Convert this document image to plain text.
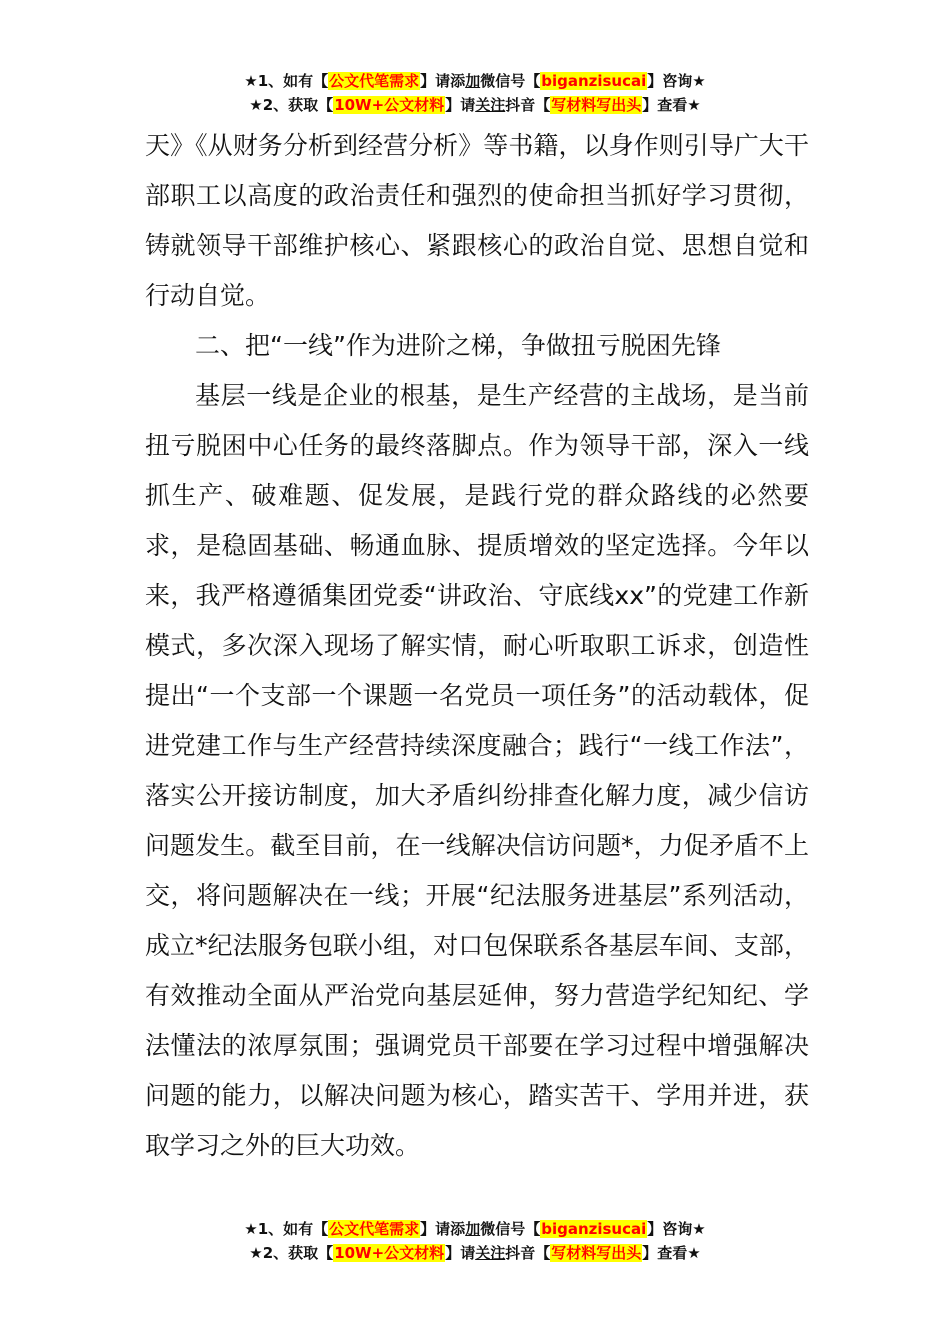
★1、如有【公文代笔需求】请添加微信号【biganzisucai】咨询★
★2、获取【10W+公文材料】请关注抖音【写材料写出头】查看★

天》《从财务分析到经营分析》等书籍，以身作则引导广大干部职工以高度的政治责任和强烈的使命担当抓好学习贯彻，铸就领导干部维护核心、紧跟核心的政治自觉、思想自觉和行动自觉。

二、把“一线”作为进阶之梯，争做扭亏脱困先锋

基层一线是企业的根基，是生产经营的主战场，是当前扭亏脱困中心任务的最终落脚点。作为领导干部，深入一线抓生产、破难题、促发展，是践行党的群众路线的必然要求，是稳固基础、畅通血脉、提质增效的坚定选择。今年以来，我严格遵循集团党委“讲政治、守底线xx”的党建工作新模式，多次深入现场了解实情，耐心听取职工诉求，创造性提出“一个支部一个课题一名党员一项任务”的活动载体，促进党建工作与生产经营持续深度融合；践行“一线工作法”，落实公开接访制度，加大矛盾纠纷排查化解力度，减少信访问题发生。截至目前，在一线解决信访问题*，力促矛盾不上交，将问题解决在一线；开展“纪法服务进基层”系列活动，成立*纪法服务包联小组，对口包保联系各基层车间、支部，有效推动全面从严治党向基层延伸，努力营造学纪知纪、学法懂法的浓厚氛围；强调党员干部要在学习过程中增强解决问题的能力，以解决问题为核心，踏实苦干、学用并进，获取学习之外的巨大功效。

★1、如有【公文代笔需求】请添加微信号【biganzisucai】咨询★
★2、获取【10W+公文材料】请关注抖音【写材料写出头】查看★
